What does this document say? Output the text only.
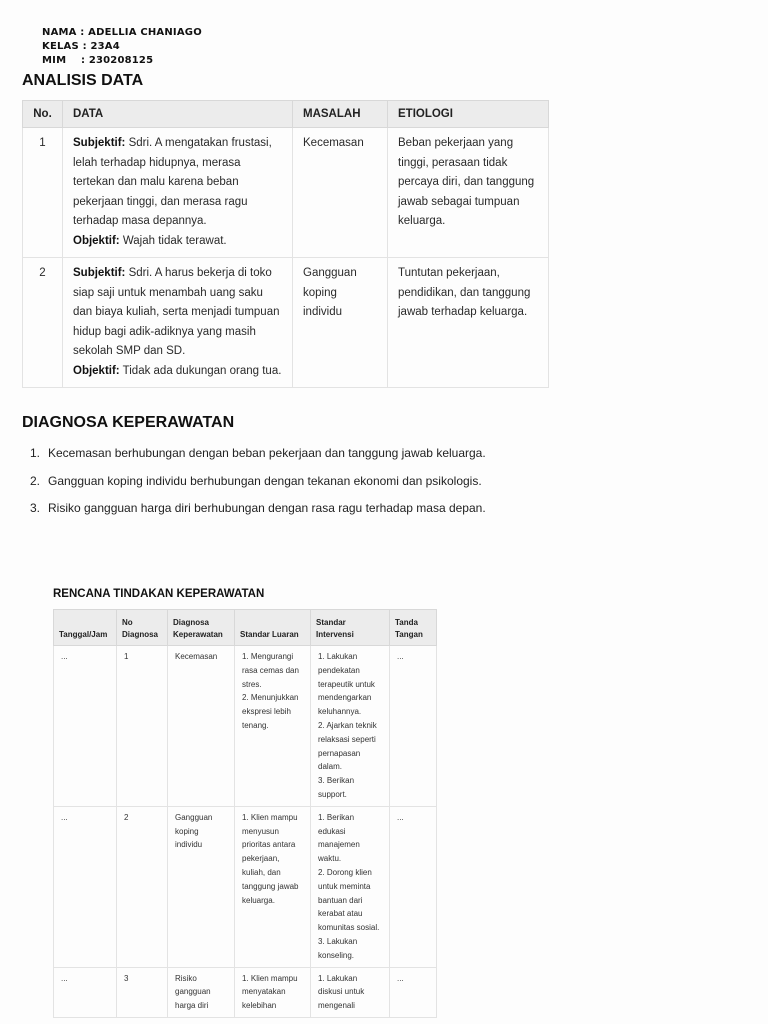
NAMA : ADELLIA CHANIAGO
KELAS : 23A4
MIM    : 230208125
ANALISIS DATA
No.	DATA	MASALAH	ETIOLOGI
1	Subjektif: Sdri. A mengatakan frustasi, lelah terhadap hidupnya, merasa tertekan dan malu karena beban pekerjaan tinggi, dan merasa ragu terhadap masa depannya.
Objektif: Wajah tidak terawat.	Kecemasan	Beban pekerjaan yang tinggi, perasaan tidak percaya diri, dan tanggung jawab sebagai tumpuan keluarga.
2	Subjektif: Sdri. A harus bekerja di toko siap saji untuk menambah uang saku dan biaya kuliah, serta menjadi tumpuan hidup bagi adik-adiknya yang masih sekolah SMP dan SD.
Objektif: Tidak ada dukungan orang tua.	Gangguan koping individu	Tuntutan pekerjaan, pendidikan, dan tanggung jawab terhadap keluarga.
DIAGNOSA KEPERAWATAN
1. Kecemasan berhubungan dengan beban pekerjaan dan tanggung jawab keluarga.
2. Gangguan koping individu berhubungan dengan tekanan ekonomi dan psikologis.
3. Risiko gangguan harga diri berhubungan dengan rasa ragu terhadap masa depan.
RENCANA TINDAKAN KEPERAWATAN
Tanggal/Jam	No Diagnosa	Diagnosa Keperawatan	Standar Luaran	Standar Intervensi	Tanda Tangan
...	1	Kecemasan	1. Mengurangi rasa cemas dan stres.
2. Menunjukkan ekspresi lebih tenang.	1. Lakukan pendekatan terapeutik untuk mendengarkan keluhannya.
2. Ajarkan teknik relaksasi seperti pernapasan dalam.
3. Berikan support.	...
...	2	Gangguan koping individu	1. Klien mampu menyusun prioritas antara pekerjaan, kuliah, dan tanggung jawab keluarga.	1. Berikan edukasi manajemen waktu.
2. Dorong klien untuk meminta bantuan dari kerabat atau komunitas sosial.
3. Lakukan konseling.	...
...	3	Risiko gangguan harga diri	1. Klien mampu menyatakan kelebihan	1. Lakukan diskusi untuk mengenali	...
